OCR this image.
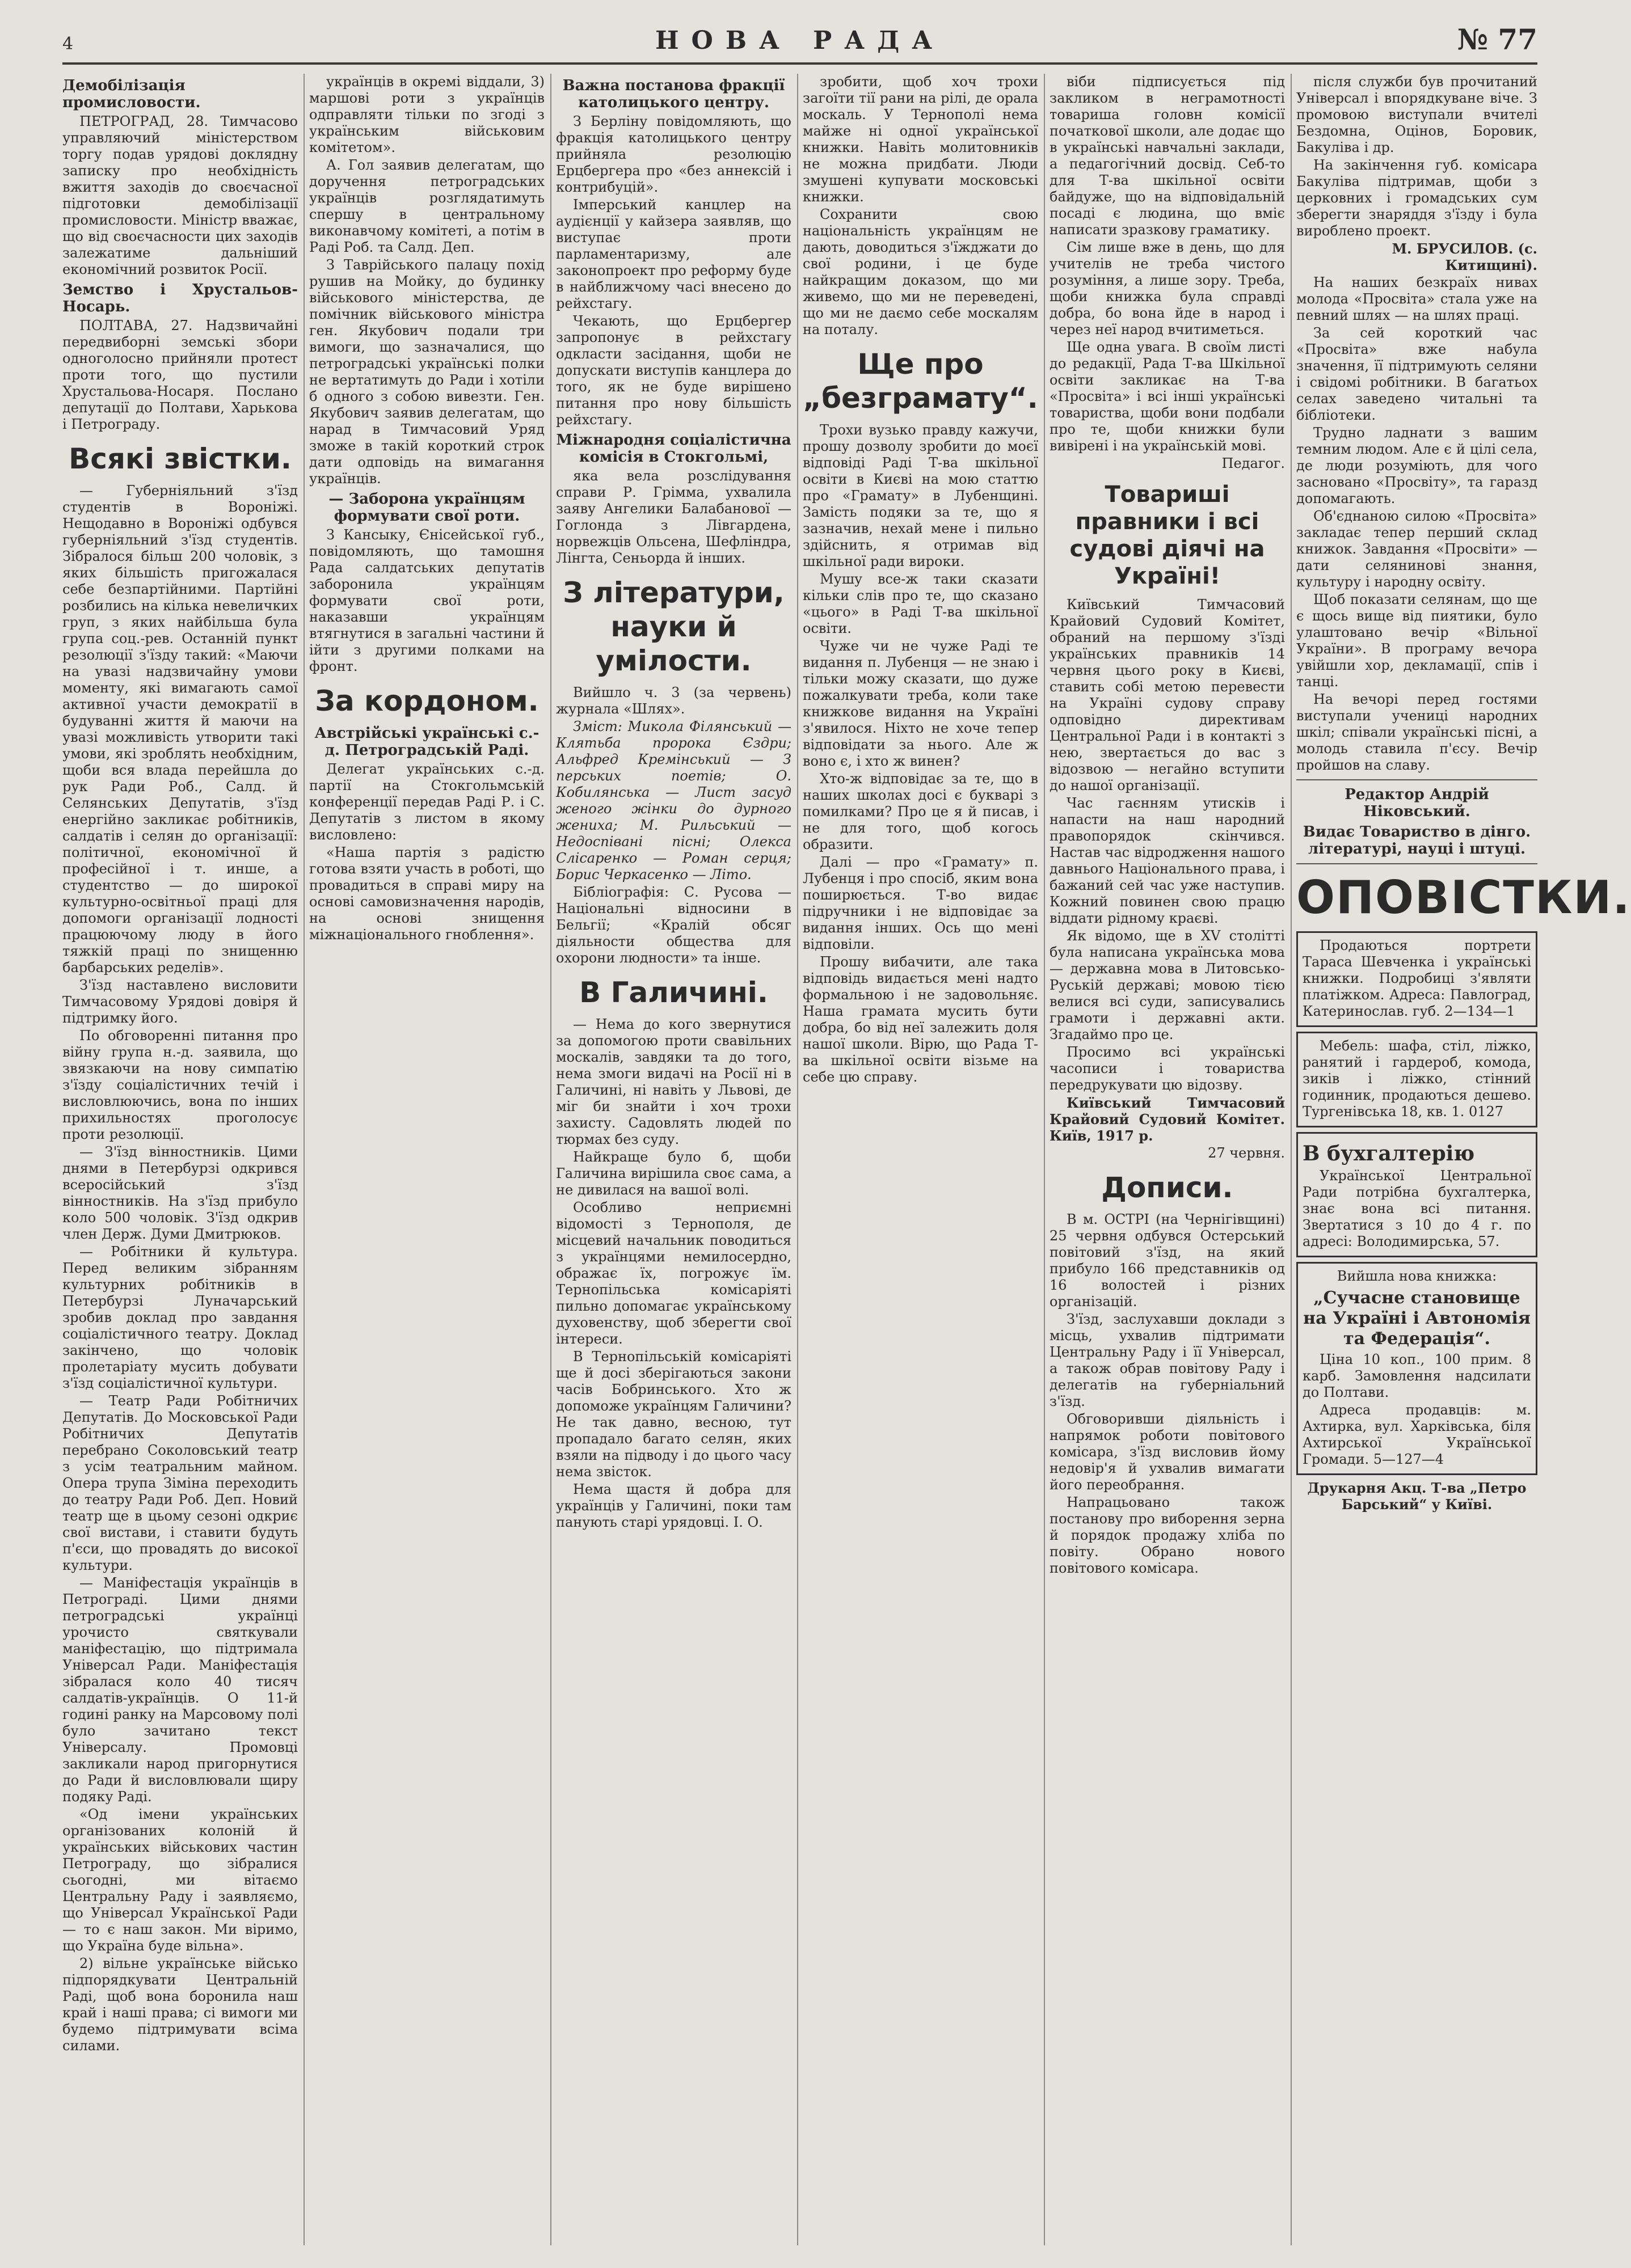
4	НОВА РАДА	№ 77
Демобілізація промисловости.

ПЕТРОГРАД, 28. Тимчасово управляючий міністерством торгу подав урядові доклядну записку про необхідність вжиття заходів до своєчасної підготовки демобілізації промисловости. Міністр вважає, що від своєчасности цих заходів залежатиме дальніший економічний розвиток Росії.

Земство і Хрустальов-Носарь.

ПОЛТАВА, 27. Надзвичайні передвиборні земські збори одноголосно прийняли протест проти того, що пустили Хрустальова-Носаря. Послано депутації до Полтави, Харькова і Петрограду.

Всякі звістки.

— Губерніяльний з'їзд студентів в Вороніжі. Нещодавно в Вороніжі одбувся губерніяльний з'їзд студентів. Зібралося більш 200 чоловік, з яких більшість пригожалася себе безпартійними. Партійні розбились на кілька невеличких груп, з яких найбільша була група соц.-рев. Останній пункт резолюції з'їзду такий: «Маючи на увазі надзвичайну умови моменту, які вимагають самої активної участи демократії в будуванні життя й маючи на увазі можливість утворити такі умови, які зроблять необхідним, щоби вся влада перейшла до рук Ради Роб., Салд. й Селянських Депутатів, з'їзд енергійно закликає робітників, салдатів і селян до організації: політичної, економічної й професійної і т. инше, а студентство — до широкої культурно-освітньої праці для допомоги організації лодності працюючому люду в його тяжкій праці по знищенню барбарських ределів».

З'їзд наставлено висловити Тимчасовому Урядові довіря й підтримку його.

По обговоренні питання про війну група н.-д. заявила, що звязкаючи на нову симпатію з'їзду соціалістичних течій і висловлюючись, вона по інших прихильностях проголосує проти резолюції.

— З'їзд вінностників. Цими днями в Петербурзі одкрився всеросійський з'їзд вінностників. На з'їзд прибуло коло 500 чоловік. З'їзд одкрив член Держ. Думи Дмитрюков.

— Робітники й культура. Перед великим зібранням культурних робітників в Петербурзі Луначарський зробив доклад про завдання соціалістичного театру. Доклад закінчено, що чоловік пролетаріату мусить добувати з'їзд соціалістичної культури.

— Театр Ради Робітничих Депутатів. До Московської Ради Робітничих Депутатів перебрано Соколовський театр з усім театральним майном. Опера трупа Зіміна переходить до театру Ради Роб. Деп. Новий театр ще в цьому сезоні одкриє свої вистави, і ставити будуть п'єси, що провадять до високої культури.

— Маніфестація українців в Петрограді. Цими днями петроградські українці урочисто святкували маніфестацію, що підтримала Універсал Ради. Маніфестація зібралася коло 40 тисяч салдатів-українців. О 11-й годині ранку на Марсовому полі було зачитано текст Універсалу. Промовці закликали народ пригорнутися до Ради й висловлювали щиру подяку Раді.

«Од імени українських організованих колоній й українських військових частин Петрограду, що зібралися сьогодні, ми вітаємо Центральну Раду і заявляємо, що Універсал Української Ради — то є наш закон. Ми віримо, що Україна буде вільна».

2) вільне українське військо підпорядкувати Центральній Раді, щоб вона боронила наш край і наші права; сі вимоги ми будемо підтримувати всіма силами.

українців в окремі віддали, 3) маршові роти з українців одправляти тільки по згоді з українським військовим комітетом».

А. Гол заявив делегатам, що доручення петроградських українців розглядатимуть спершу в центральному виконавчому комітеті, а потім в Раді Роб. та Салд. Деп.

З Таврійського палацу похід рушив на Мойку, до будинку військового міністерства, де помічник військового міністра ген. Якубович подали три вимоги, що зазначалися, що петроградські українські полки не вертатимуть до Ради і хотіли б одного з собою вивезти. Ген. Якубович заявив делегатам, що нарад в Тимчасовий Уряд зможе в такій короткий строк дати одповідь на вимагання українців.

— Заборона українцям формувати свої роти.

З Кансыку, Єнісейської губ., повідомляють, що тамошня Рада салдатських депутатів заборонила українцям формувати свої роти, наказавши українцям втягнутися в загальні частини й ійти з другими полками на фронт.

За кордоном.
Австрійські українські с.-д. Петроградській Раді.

Делегат українських с.-д. партії на Стокгольмській конференції передав Раді Р. і С. Депутатів з листом в якому висловлено:

«Наша партія з радістю готова взяти участь в роботі, що провадиться в справі миру на основі самовизначення народів, на основі знищення міжнаціонального гноблення».

Важна постанова фракції католицького центру.

З Берліну повідомляють, що фракція католицького центру прийняла резолюцію Ерцбергера про «без аннексій і контрибуцій».

Імперський канцлер на аудієнції у кайзера заявляв, що виступає проти парламентаризму, але законопроект про реформу буде в найближчому часі внесено до рейхстагу.

Чекають, що Ерцбергер запропонує в рейхстагу одкласти засідання, щоби не допускати виступів канцлера до того, як не буде вирішено питання про нову більшість рейхстагу.

Міжнародня соціалістична комісія в Стокгольмі,

яка вела розслідування справи Р. Грімма, ухвалила заяву Ангелики Балабанової — Гоглонда з Лівгардена, норвежців Ольсена, Шефліндра, Лінгта, Сеньорда й інших.

З літератури, науки й умілости.

Вийшло ч. 3 (за червень) журнала «Шлях».

Зміст: Микола Філянський — Клятьба пророка Єздри; Альфред Кремінський — З перських поетів; О. Кобилянська — Лист засуд женого жінки до дурного жениха; М. Рильський — Недоспівані пісні; Олекса Слісаренко — Роман серця; Борис Черкасенко — Літо.

Бібліографія: С. Русова — Національні відносини в Бельгії; «Кралій обсяг діяльности общества для охорони людности» та інше.

В Галичині.

— Нема до кого звернутися за допомогою проти свавільних москалів, завдяки та до того, нема змоги видачі на Росії ні в Галичині, ні навіть у Львові, де міг би знайти і хоч трохи захисту. Садовлять людей по тюрмах без суду.

Найкраще було б, щоби Галичина вирішила своє сама, а не дивилася на вашої волі.

Особливо неприємні відомості з Тернополя, де місцевий начальник поводиться з українцями немилосердно, ображає їх, погрожує їм. Тернопільська комісаріяті пильно допомагає українському духовенству, щоб зберегти свої інтереси.

В Тернопільській комісаріяті ще й досі зберігаються закони часів Бобринського. Хто ж допоможе українцям Галичини? Не так давно, весною, тут пропадало багато селян, яких взяли на підводу і до цього часу нема звісток.

Нема щастя й добра для українців у Галичині, поки там панують старі урядовці. І. О.

зробити, щоб хоч трохи загоїти тії рани на рілі, де орала москаль. У Тернополі нема майже ні одної української книжки. Навіть молитовників не можна придбати. Люди змушені купувати московські книжки.

Сохранити свою національність українцям не дають, доводиться з'їжджати до свої родини, і це буде найкращим доказом, що ми живемо, що ми не переведені, що ми не даємо себе москалям на поталу.

Ще про „безграмату“.

Трохи вузько правду кажучи, прошу дозволу зробити до моєї відповіді Раді Т-ва шкільної освіти в Києві на мою статтю про «Грамату» в Лубенщині. Замість подяки за те, що я зазначив, нехай мене і пильно здійснить, я отримав від шкільної ради вироки.

Мушу все-ж таки сказати кільки слів про те, що сказано «цього» в Раді Т-ва шкільної освіти.

Чуже чи не чуже Раді те видання п. Лубенця — не знаю і тільки можу сказати, що дуже пожалкувати треба, коли таке книжкове видання на Україні з'явилося. Ніхто не хоче тепер відповідати за нього. Але ж воно є, і хто ж винен?

Хто-ж відповідає за те, що в наших школах досі є букварі з помилками? Про це я й писав, і не для того, щоб когось образити.

Далі — про «Грамату» п. Лубенця і про спосіб, яким вона поширюється. Т-во видає підручники і не відповідає за видання інших. Ось що мені відповіли.

Прошу вибачити, але така відповідь видається мені надто формальною і не задовольняє. Наша грамата мусить бути добра, бо від неї залежить доля нашої школи. Вірю, що Рада Т-ва шкільної освіти візьме на себе цю справу.

віби підписується під закликом в неграмотності товариша головн комісії початкової школи, але додає що в українські навчальні заклади, а педагогічний досвід. Себ-то для Т-ва шкільної освіти байдуже, що на відповідальній посаді є людина, що вміє написати зразкову граматику.

Сім лише вже в день, що для учителів не треба чистого розуміння, а лише зору. Треба, щоби книжка була справді добра, бо вона йде в народ і через неї народ вчитиметься.

Ще одна увага. В своїм листі до редакції, Рада Т-ва Шкільної освіти закликає на Т-ва «Просвіта» і всі інші українські товариства, щоби вони подбали про те, щоби книжки були вивірені і на українській мові.

Педагог.

Товариші правники і всі судові діячі на Україні!

Київський Тимчасовий Крайовий Судовий Комітет, обраний на першому з'їзді українських правників 14 червня цього року в Києві, ставить собі метою перевести на Україні судову справу одповідно директивам Центральної Ради і в контакті з нею, звертається до вас з відозвою — негайно вступити до нашої організації.

Час гаєнням утисків і напасти на наш народний правопорядок скінчився. Настав час відродження нашого давнього Національного права, і бажаний сей час уже наступив. Кожний повинен свою працю віддати рідному краєві.

Як відомо, ще в XV столітті була написана українська мова — державна мова в Литовсько-Руській державі; мовою тією велися всі суди, записувались грамоти і державні акти. Згадаймо про це.

Просимо всі українські часописи і товариства передрукувати цю відозву.

Київський Тимчасовий Крайовий Судовий Комітет. Київ, 1917 р.

27 червня.

Дописи.

В м. ОСТРІ (на Чернігівщині) 25 червня одбувся Остерський повітовий з'їзд, на який прибуло 166 представників од 16 волостей і різних організацій.

З'їзд, заслухавши доклади з місць, ухвалив підтримати Центральну Раду і її Універсал, а також обрав повітову Раду і делегатів на губерніальний з'їзд.

Обговоривши діяльність і напрямок роботи повітового комісара, з'їзд висловив йому недовір'я й ухвалив вимагати його переобрання.

Напрацьовано також постанову про виборення зерна й порядок продажу хліба по повіту. Обрано нового повітового комісара.

після служби був прочитаний Універсал і впорядкуване віче. З промовою виступали вчителі Бездомна, Оцінов, Боровик, Бакуліва і др.

На закінчення губ. комісара Бакуліва підтримав, щоби з церковних і громадських сум зберегти знаряддя з'їзду і була вироблено проект.

М. БРУСИЛОВ. (с. Китищині).

На наших безкраїх нивах молода «Просвіта» стала уже на певний шлях — на шлях праці.

За сей короткий час «Просвіта» вже набула значення, її підтримують селяни і свідомі робітники. В багатьох селах заведено читальні та бібліотеки.

Трудно ладнати з вашим темним людом. Але є й цілі села, де люди розуміють, для чого засновано «Просвіту», та гаразд допомагають.

Об'єднаною силою «Просвіта» закладає тепер перший склад книжок. Завдання «Просвіти» — дати селянинові знання, культуру і народну освіту.

Щоб показати селянам, що ще є щось вище від пиятики, було улаштовано вечір «Вільної України». В програму вечора увійшли хор, декламації, спів і танці.

На вечорі перед гостями виступали учениці народних шкіл; співали українські пісні, а молодь ставила п'єсу. Вечір пройшов на славу.

Редактор Андрій Ніковський.
Видає Товариство в дінго. літературі, науці і штуці.
ОПОВІСТКИ.

Продаються портрети Тараса Шевченка і українські книжки. Подробиці з'являти платіжком. Адреса: Павлоград, Катеринослав. губ. 2—134—1

Мебель: шафа, стіл, ліжко, ранятий і гардероб, комода, зиків і ліжко, стінний годинник, продаються дешево. Тургенівська 18, кв. 1. 0127

В бухгалтерію

Української Центральної Ради потрібна бухгалтерка, знає вона всі питання. Звертатися з 10 до 4 г. по адресі: Володимирська, 57.

Вийшла нова книжка:

„Сучасне становище на Україні і Автономія та Федерація“.

Ціна 10 коп., 100 прим. 8 карб. Замовлення надсилати до Полтави.

Адреса продавців: м. Ахтирка, вул. Харківська, біля Ахтирської Української Громади. 5—127—4

Друкарня Акц. Т-ва „Петро Барський“ у Київі.
